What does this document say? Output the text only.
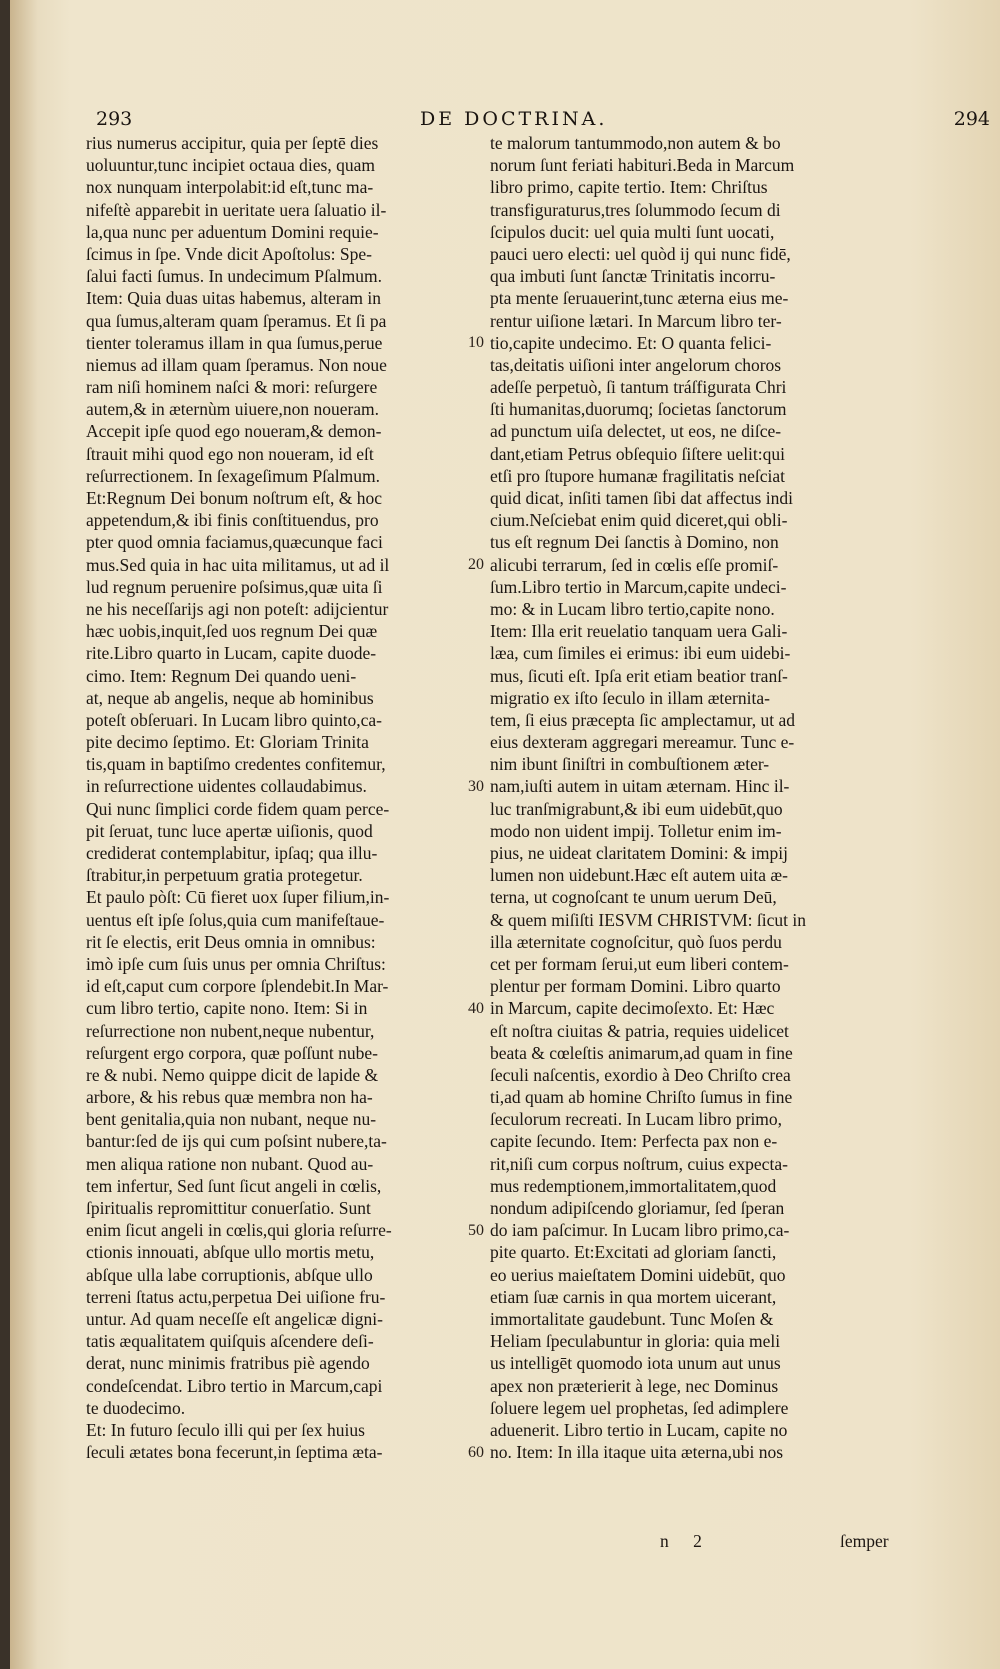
293	DE DOCTRINA.	294
rius numerus accipitur, quia per ſeptē dies
uoluuntur,tunc incipiet octaua dies, quam
nox nunquam interpolabit:id eſt,tunc ma-
nifeſtè apparebit in ueritate uera ſaluatio il-
la,qua nunc per aduentum Domini requie-
ſcimus in ſpe. Vnde dicit Apoſtolus: Spe-
ſalui facti ſumus. In undecimum Pſalmum.
Item: Quia duas uitas habemus, alteram in
qua ſumus,alteram quam ſperamus. Et ſi pa
tienter toleramus illam in qua ſumus,perue
niemus ad illam quam ſperamus. Non noue
ram niſi hominem naſci & mori: reſurgere
autem,& in æternùm uiuere,non noueram.
Accepit ipſe quod ego noueram,& demon-
ſtrauit mihi quod ego non noueram, id eſt
reſurrectionem. In ſexageſimum Pſalmum.
Et:Regnum Dei bonum noſtrum eſt, & hoc
appetendum,& ibi finis conſtituendus, pro
pter quod omnia faciamus,quæcunque faci
mus.Sed quia in hac uita militamus, ut ad il
lud regnum peruenire poſsimus,quæ uita ſi
ne his neceſſarijs agi non poteſt: adijcientur
hæc uobis,inquit,ſed uos regnum Dei quæ
rite.Libro quarto in Lucam, capite duode-
cimo. Item: Regnum Dei quando ueni-
at, neque ab angelis, neque ab hominibus
poteſt obſeruari. In Lucam libro quinto,ca-
pite decimo ſeptimo. Et: Gloriam Trinita
tis,quam in baptiſmo credentes confitemur,
in reſurrectione uidentes collaudabimus.
Qui nunc ſimplici corde fidem quam perce-
pit ſeruat, tunc luce apertæ uiſionis, quod
crediderat contemplabitur, ipſaq; qua illu-
ſtrabitur,in perpetuum gratia protegetur.
Et paulo pòſt: Cū fieret uox ſuper filium,in-
uentus eſt ipſe ſolus,quia cum manifeſtaue-
rit ſe electis, erit Deus omnia in omnibus:
imò ipſe cum ſuis unus per omnia Chriſtus:
id eſt,caput cum corpore ſplendebit.In Mar-
cum libro tertio, capite nono. Item: Si in
reſurrectione non nubent,neque nubentur,
reſurgent ergo corpora, quæ poſſunt nube-
re & nubi. Nemo quippe dicit de lapide &
arbore, & his rebus quæ membra non ha-
bent genitalia,quia non nubant, neque nu-
bantur:ſed de ijs qui cum poſsint nubere,ta-
men aliqua ratione non nubant. Quod au-
tem infertur, Sed ſunt ſicut angeli in cœlis,
ſpiritualis repromittitur conuerſatio. Sunt
enim ſicut angeli in cœlis,qui gloria reſurre-
ctionis innouati, abſque ullo mortis metu,
abſque ulla labe corruptionis, abſque ullo
terreni ſtatus actu,perpetua Dei uiſione fru-
untur. Ad quam neceſſe eſt angelicæ digni-
tatis æqualitatem quiſquis aſcendere deſi-
derat, nunc minimis fratribus piè agendo
condeſcendat. Libro tertio in Marcum,capi
te duodecimo.
Et: In futuro ſeculo illi qui per ſex huius
ſeculi ætates bona fecerunt,in ſeptima æta-
te malorum tantummodo,non autem & bo
norum ſunt feriati habituri.Beda in Marcum
libro primo, capite tertio. Item: Chriſtus
transfiguraturus,tres ſolummodo ſecum di
ſcipulos ducit: uel quia multi ſunt uocati,
pauci uero electi: uel quòd ij qui nunc fidē,
qua imbuti ſunt ſanctæ Trinitatis incorru-
pta mente ſeruauerint,tunc æterna eius me-
rentur uiſione lætari. In Marcum libro ter-
tio,capite undecimo. Et: O quanta felici-
tas,deitatis uiſioni inter angelorum choros
adeſſe perpetuò, ſi tantum tráſfigurata Chri
ſti humanitas,duorumq; ſocietas ſanctorum
ad punctum uiſa delectet, ut eos, ne diſce-
dant,etiam Petrus obſequio ſiſtere uelit:qui
etſi pro ſtupore humanæ fragilitatis neſciat
quid dicat, inſiti tamen ſibi dat affectus indi
cium.Neſciebat enim quid diceret,qui obli-
tus eſt regnum Dei ſanctis à Domino, non
alicubi terrarum, ſed in cœlis eſſe promiſ-
ſum.Libro tertio in Marcum,capite undeci-
mo: & in Lucam libro tertio,capite nono.
Item: Illa erit reuelatio tanquam uera Gali-
læa, cum ſimiles ei erimus: ibi eum uidebi-
mus, ſicuti eſt. Ipſa erit etiam beatior tranſ-
migratio ex iſto ſeculo in illam æternita-
tem, ſi eius præcepta ſic amplectamur, ut ad
eius dexteram aggregari mereamur. Tunc e-
nim ibunt ſiniſtri in combuſtionem æter-
nam,iuſti autem in uitam æternam. Hinc il-
luc tranſmigrabunt,& ibi eum uidebūt,quo
modo non uident impij. Tolletur enim im-
pius, ne uideat claritatem Domini: & impij
lumen non uidebunt.Hæc eſt autem uita æ-
terna, ut cognoſcant te unum uerum Deū,
& quem miſiſti IESVM CHRISTVM: ſicut in
illa æternitate cognoſcitur, quò ſuos perdu
cet per formam ſerui,ut eum liberi contem-
plentur per formam Domini. Libro quarto
in Marcum, capite decimoſexto. Et: Hæc
eſt noſtra ciuitas & patria, requies uidelicet
beata & cœleſtis animarum,ad quam in fine
ſeculi naſcentis, exordio à Deo Chriſto crea
ti,ad quam ab homine Chriſto ſumus in fine
ſeculorum recreati. In Lucam libro primo,
capite ſecundo. Item: Perfecta pax non e-
rit,niſi cum corpus noſtrum, cuius expecta-
mus redemptionem,immortalitatem,quod
nondum adipiſcendo gloriamur, ſed ſperan
do iam paſcimur. In Lucam libro primo,ca-
pite quarto. Et:Excitati ad gloriam ſancti,
eo uerius maieſtatem Domini uidebūt, quo
etiam ſuæ carnis in qua mortem uicerant,
immortalitate gaudebunt. Tunc Moſen &
Heliam ſpeculabuntur in gloria: quia meli
us intelligēt quomodo iota unum aut unus
apex non præterierit à lege, nec Dominus
ſoluere legem uel prophetas, ſed adimplere
aduenerit. Libro tertio in Lucam, capite no
no. Item: In illa itaque uita æterna,ubi nos
10
20
30
40
50
60
n 2	ſemper
